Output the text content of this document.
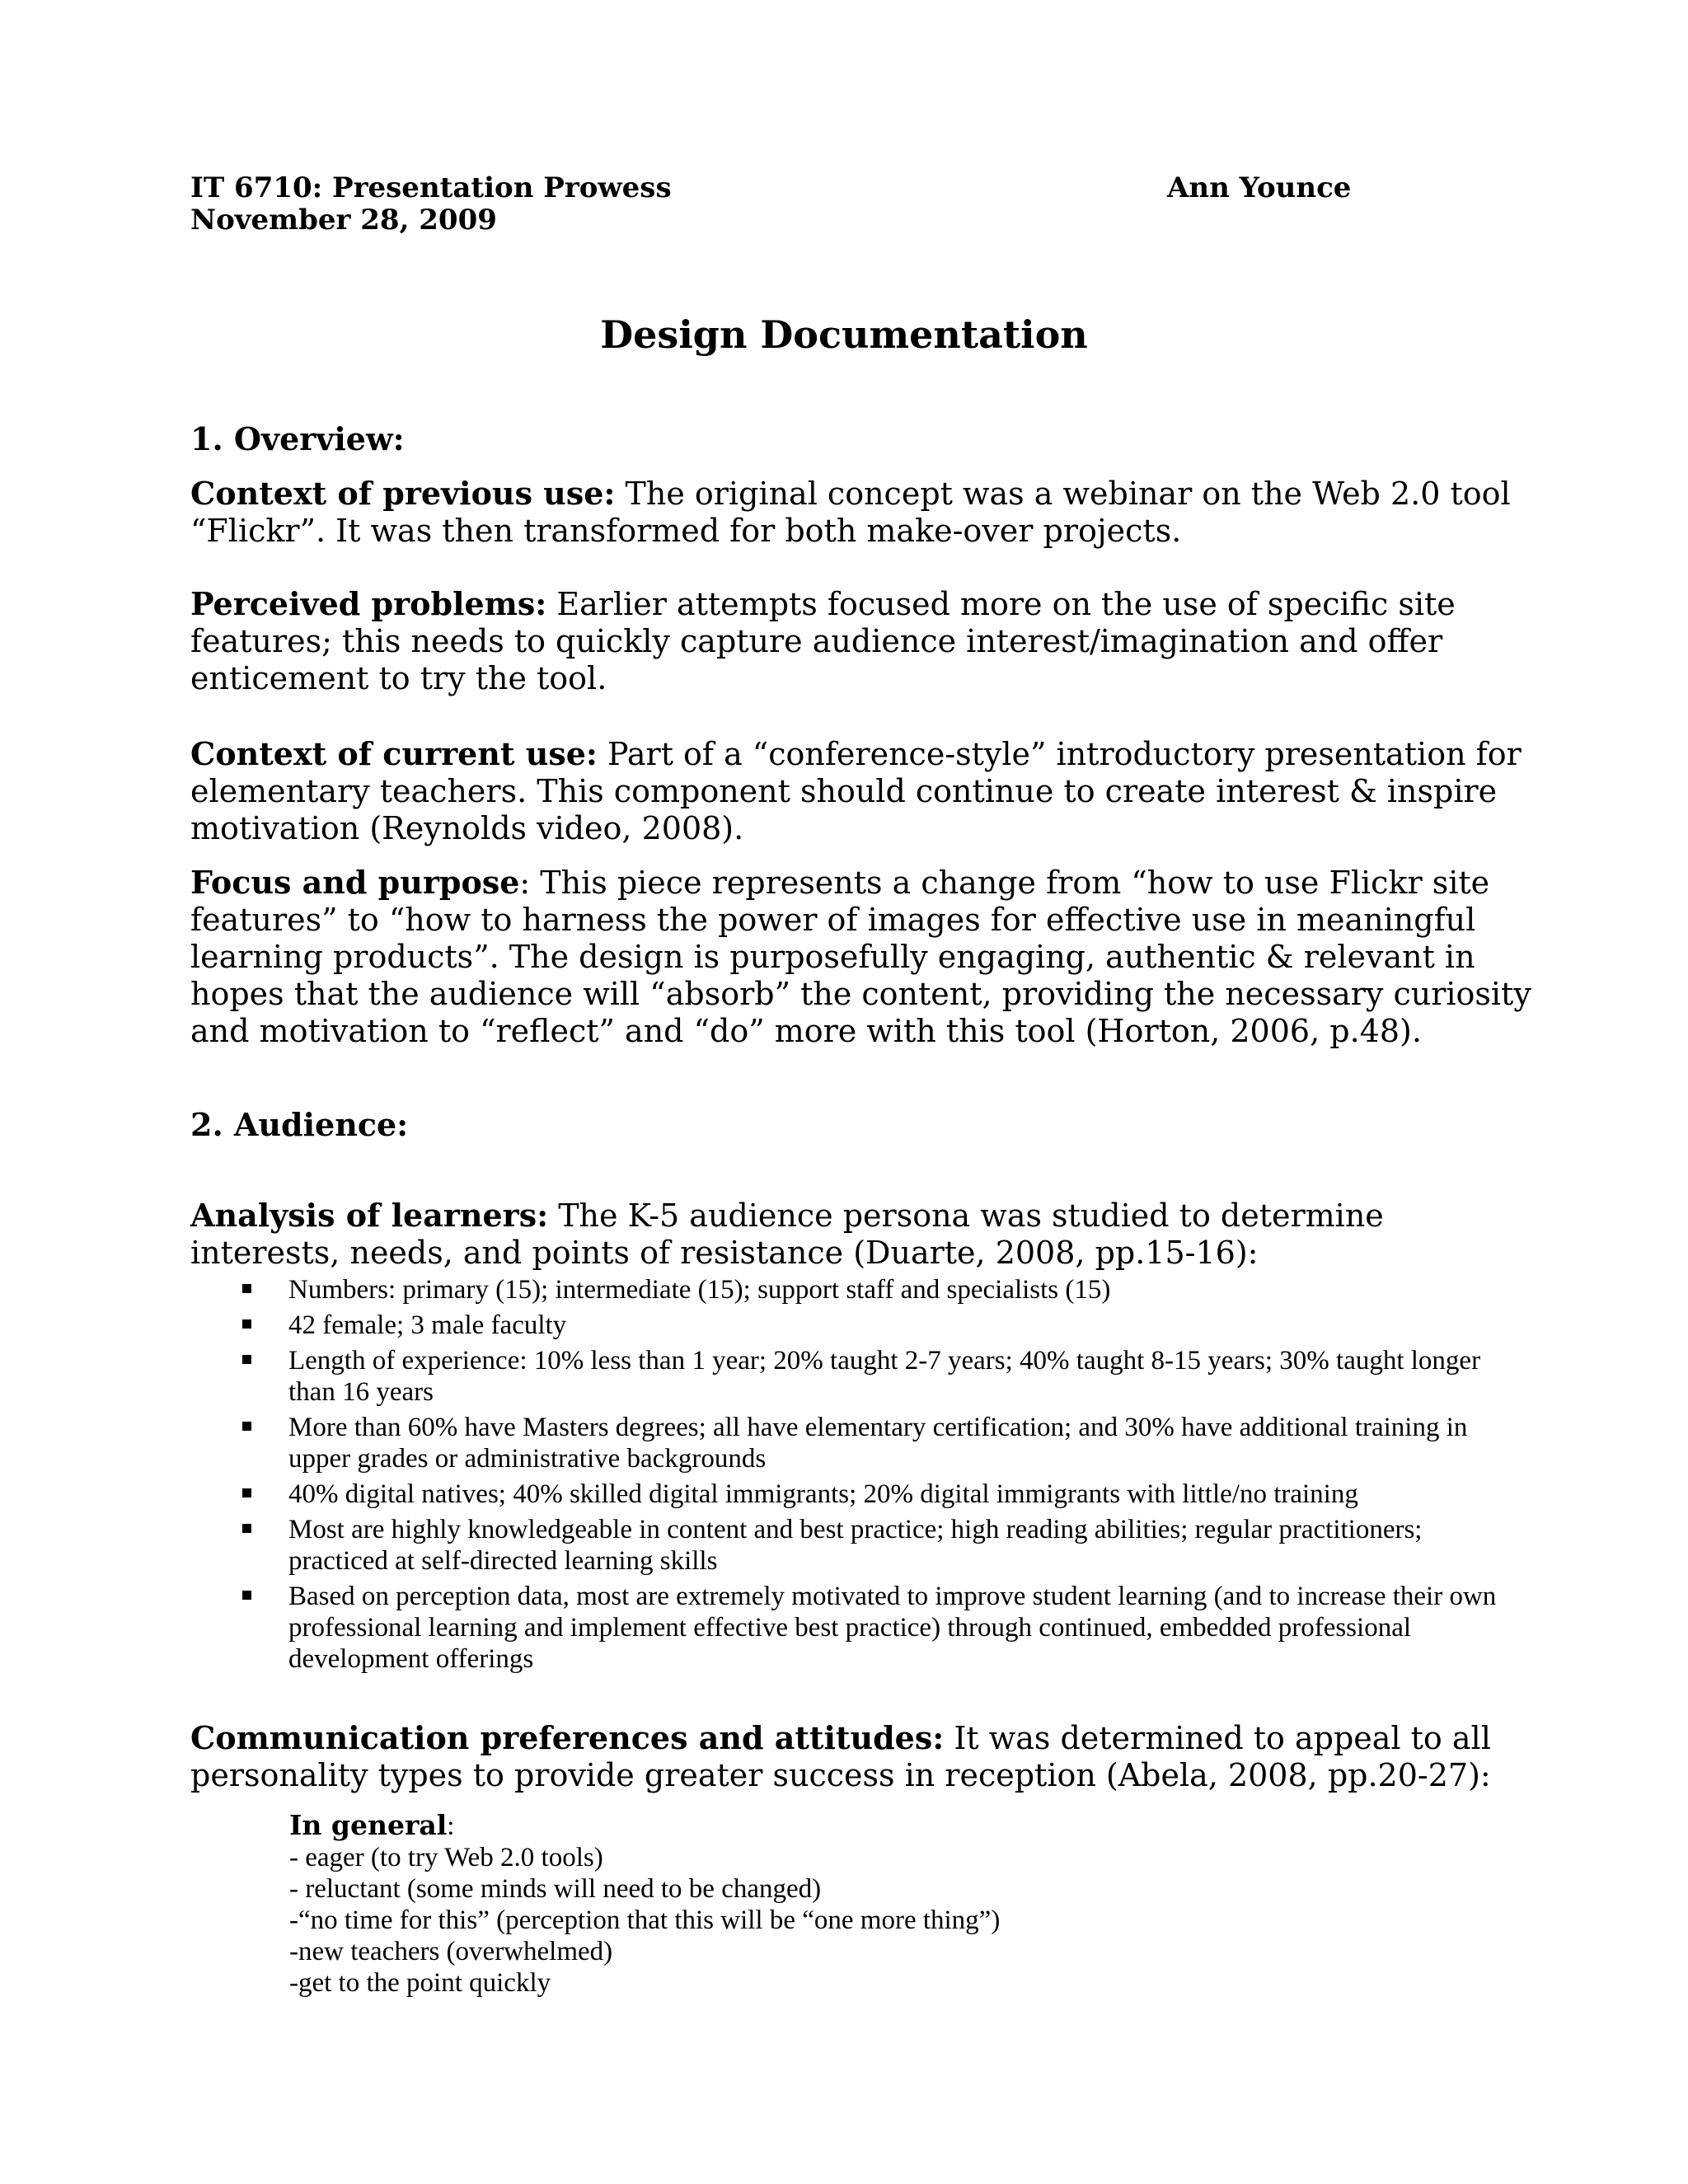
IT 6710: Presentation Prowess
November 28, 2009
Ann Younce
Design Documentation
1. Overview:

Context of previous use: The original concept was a webinar on the Web 2.0 tool “Flickr”. It was then transformed for both make-over projects.

Perceived problems: Earlier attempts focused more on the use of specific site features; this needs to quickly capture audience interest/imagination and offer enticement to try the tool.

Context of current use: Part of a “conference-style” introductory presentation for elementary teachers. This component should continue to create interest & inspire motivation (Reynolds video, 2008).

Focus and purpose: This piece represents a change from “how to use Flickr site features” to “how to harness the power of images for effective use in meaningful learning products”. The design is purposefully engaging, authentic & relevant in hopes that the audience will “absorb” the content, providing the necessary curiosity and motivation to “reflect” and “do” more with this tool (Horton, 2006, p.48).

2. Audience:

Analysis of learners: The K-5 audience persona was studied to determine interests, needs, and points of resistance (Duarte, 2008, pp.15-16):

Numbers: primary (15); intermediate (15); support staff and specialists (15)
42 female; 3 male faculty
Length of experience: 10% less than 1 year; 20% taught 2-7 years; 40% taught 8-15 years; 30% taught longer than 16 years
More than 60% have Masters degrees; all have elementary certification; and 30% have additional training in upper grades or administrative backgrounds
40% digital natives; 40% skilled digital immigrants; 20% digital immigrants with little/no training
Most are highly knowledgeable in content and best practice; high reading abilities; regular practitioners; practiced at self-directed learning skills
Based on perception data, most are extremely motivated to improve student learning (and to increase their own professional learning and implement effective best practice) through continued, embedded professional development offerings

Communication preferences and attitudes: It was determined to appeal to all personality types to provide greater success in reception (Abela, 2008, pp.20-27):

In general:
- eager (to try Web 2.0 tools)
- reluctant (some minds will need to be changed)
-“no time for this” (perception that this will be “one more thing”)
-new teachers (overwhelmed)
-get to the point quickly
